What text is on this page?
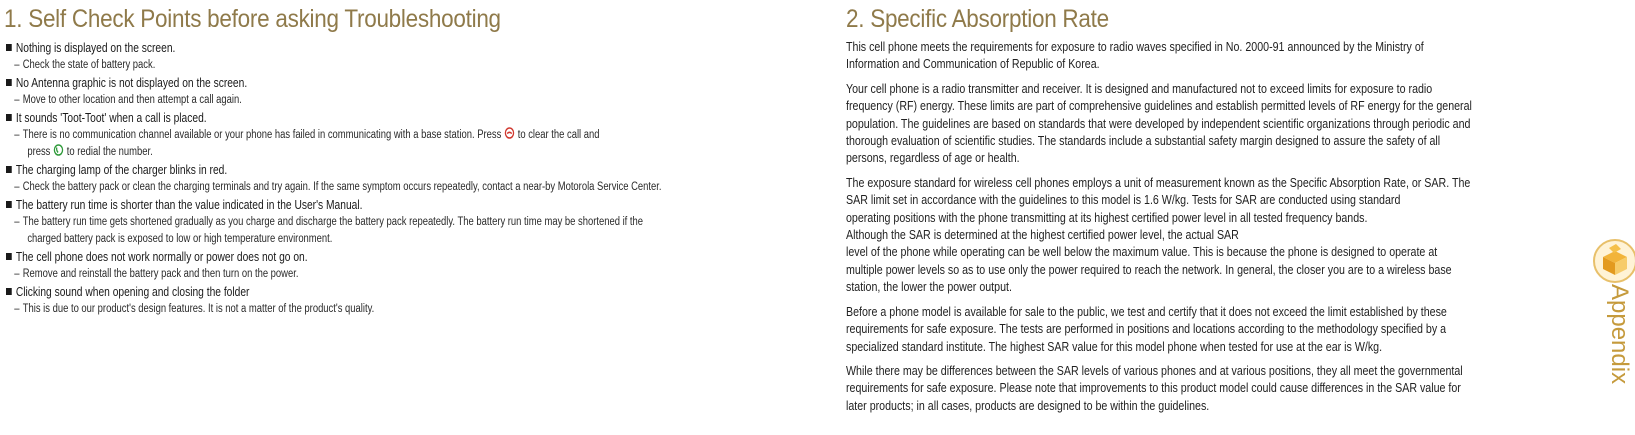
1. Self Check Points before asking Troubleshooting
Nothing is displayed on the screen.
– Check the state of battery pack.
No Antenna graphic is not displayed on the screen.
– Move to other location and then attempt a call again.
It sounds 'Toot-Toot' when a call is placed.
– There is no communication channel available or your phone has failed in communicating with a base station. Press to clear the call and
press to redial the number.
The charging lamp of the charger blinks in red.
– Check the battery pack or clean the charging terminals and try again. If the same symptom occurs repeatedly, contact a near-by Motorola Service Center.
The battery run time is shorter than the value indicated in the User's Manual.
– The battery run time gets shortened gradually as you charge and discharge the battery pack repeatedly. The battery run time may be shortened if the
charged battery pack is exposed to low or high temperature environment.
The cell phone does not work normally or power does not go on.
– Remove and reinstall the battery pack and then turn on the power.
Clicking sound when opening and closing the folder
– This is due to our product's design features. It is not a matter of the product's quality.
2. Specific Absorption Rate

This cell phone meets the requirements for exposure to radio waves specified in No. 2000-91 announced by the Ministry of
Information and Communication of Republic of Korea.

Your cell phone is a radio transmitter and receiver. It is designed and manufactured not to exceed limits for exposure to radio
frequency (RF) energy. These limits are part of comprehensive guidelines and establish permitted levels of RF energy for the general
population. The guidelines are based on standards that were developed by independent scientific organizations through periodic and
thorough evaluation of scientific studies. The standards include a substantial safety margin designed to assure the safety of all
persons, regardless of age or health.

The exposure standard for wireless cell phones employs a unit of measurement known as the Specific Absorption Rate, or SAR. The
SAR limit set in accordance with the guidelines to this model is 1.6 W/kg. Tests for SAR are conducted using standard
operating positions with the phone transmitting at its highest certified power level in all tested frequency bands.
Although the SAR is determined at the highest certified power level, the actual SAR
level of the phone while operating can be well below the maximum value. This is because the phone is designed to operate at
multiple power levels so as to use only the power required to reach the network. In general, the closer you are to a wireless base
station, the lower the power output.

Before a phone model is available for sale to the public, we test and certify that it does not exceed the limit established by these
requirements for safe exposure. The tests are performed in positions and locations according to the methodology specified by a
specialized standard institute. The highest SAR value for this model phone when tested for use at the ear is W/kg.

While there may be differences between the SAR levels of various phones and at various positions, they all meet the governmental
requirements for safe exposure. Please note that improvements to this product model could cause differences in the SAR value for
later products; in all cases, products are designed to be within the guidelines.

Appendix
